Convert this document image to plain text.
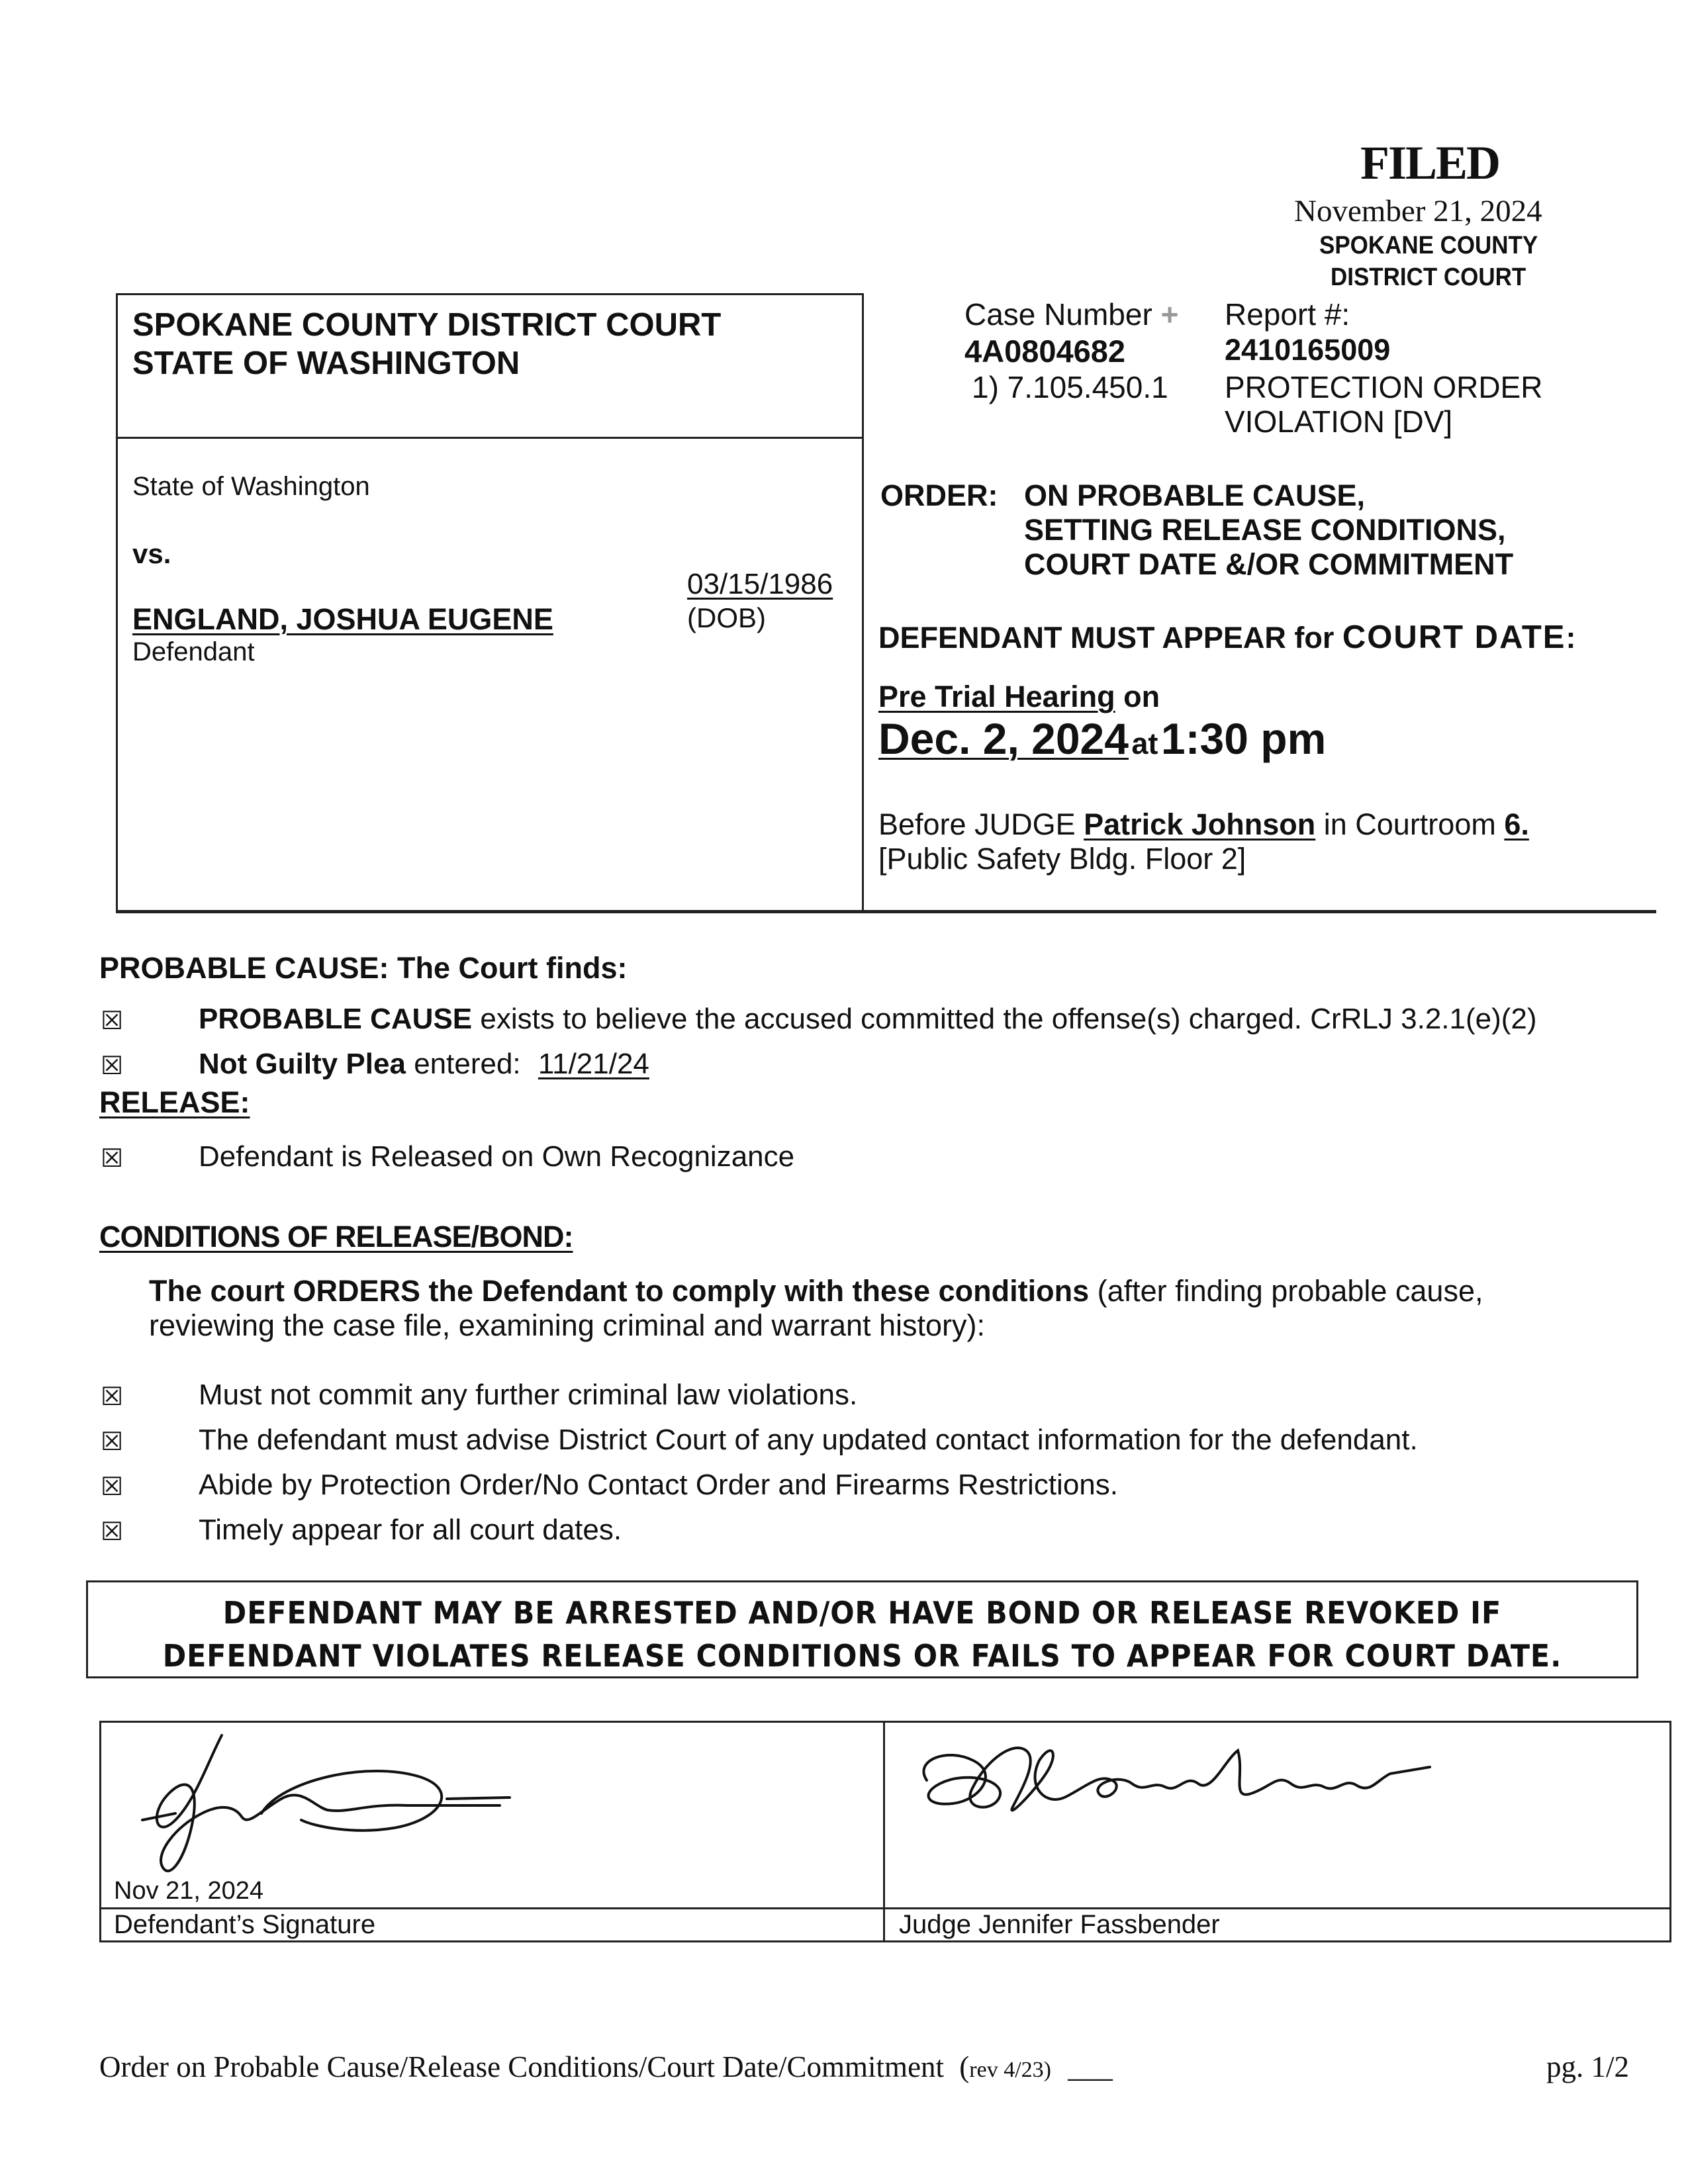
FILED
November 21, 2024
SPOKANE COUNTY
DISTRICT COURT
SPOKANE COUNTY DISTRICT COURT
STATE OF WASHINGTON
Case Number +
4A0804682
1) 7.105.450.1
Report #:
2410165009
PROTECTION ORDER
VIOLATION [DV]
State of Washington
vs.
03/15/1986
(DOB)
ENGLAND, JOSHUA EUGENE
Defendant
ORDER: ON PROBABLE CAUSE,
SETTING RELEASE CONDITIONS,
COURT DATE &/OR COMMITMENT
DEFENDANT MUST APPEAR for COURT DATE:
Pre Trial Hearing on
Dec. 2, 2024 at 1:30 pm
Before JUDGE Patrick Johnson in Courtroom 6.
[Public Safety Bldg. Floor 2]
PROBABLE CAUSE: The Court finds:
☒	PROBABLE CAUSE exists to believe the accused committed the offense(s) charged. CrRLJ 3.2.1(e)(2)
☒	Not Guilty Plea entered: 11/21/24
RELEASE:
☒	Defendant is Released on Own Recognizance
CONDITIONS OF RELEASE/BOND:
The court ORDERS the Defendant to comply with these conditions (after finding probable cause,
reviewing the case file, examining criminal and warrant history):
☒	Must not commit any further criminal law violations.
☒	The defendant must advise District Court of any updated contact information for the defendant.
☒	Abide by Protection Order/No Contact Order and Firearms Restrictions.
☒	Timely appear for all court dates.
DEFENDANT MAY BE ARRESTED AND/OR HAVE BOND OR RELEASE REVOKED IF
DEFENDANT VIOLATES RELEASE CONDITIONS OR FAILS TO APPEAR FOR COURT DATE.
Nov 21, 2024
Defendant’s Signature	Judge Jennifer Fassbender
Order on Probable Cause/Release Conditions/Court Date/Commitment (rev 4/23) ___	pg. 1/2
